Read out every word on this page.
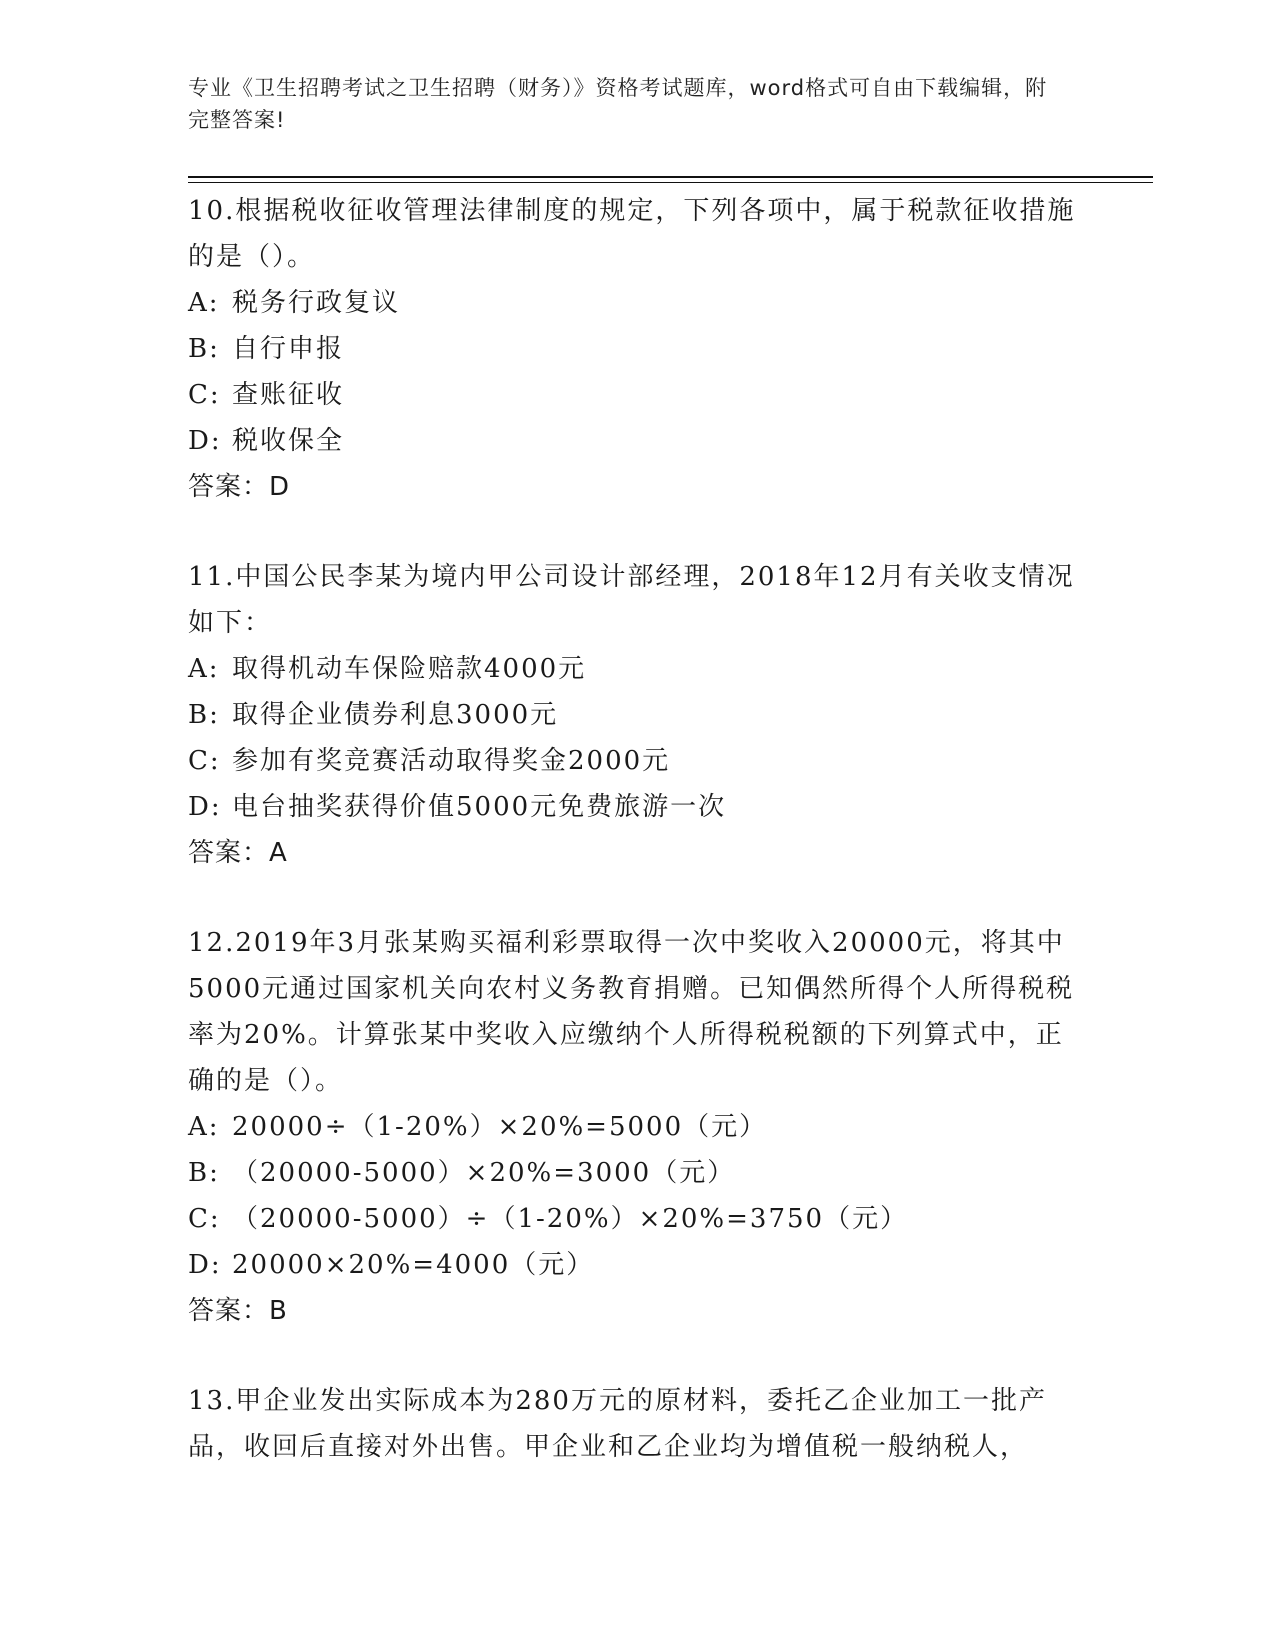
专业《卫生招聘考试之卫生招聘（财务）》资格考试题库，word格式可自由下载编辑，附完整答案!
10.根据税收征收管理法律制度的规定，下列各项中，属于税款征收措施的是（）。
A: 税务行政复议
B: 自行申报
C: 查账征收
D: 税收保全
答案：D
11.中国公民李某为境内甲公司设计部经理，2018年12月有关收支情况如下：
A: 取得机动车保险赔款4000元
B: 取得企业债券利息3000元
C: 参加有奖竞赛活动取得奖金2000元
D: 电台抽奖获得价值5000元免费旅游一次
答案：A
12.2019年3月张某购买福利彩票取得一次中奖收入20000元，将其中5000元通过国家机关向农村义务教育捐赠。已知偶然所得个人所得税税率为20%。计算张某中奖收入应缴纳个人所得税税额的下列算式中，正确的是（）。
A: 20000÷（1-20%）×20%=5000（元）
B: （20000-5000）×20%=3000（元）
C: （20000-5000）÷（1-20%）×20%=3750（元）
D: 20000×20%=4000（元）
答案：B
13.甲企业发出实际成本为280万元的原材料，委托乙企业加工一批产品，收回后直接对外出售。甲企业和乙企业均为增值税一般纳税人，
